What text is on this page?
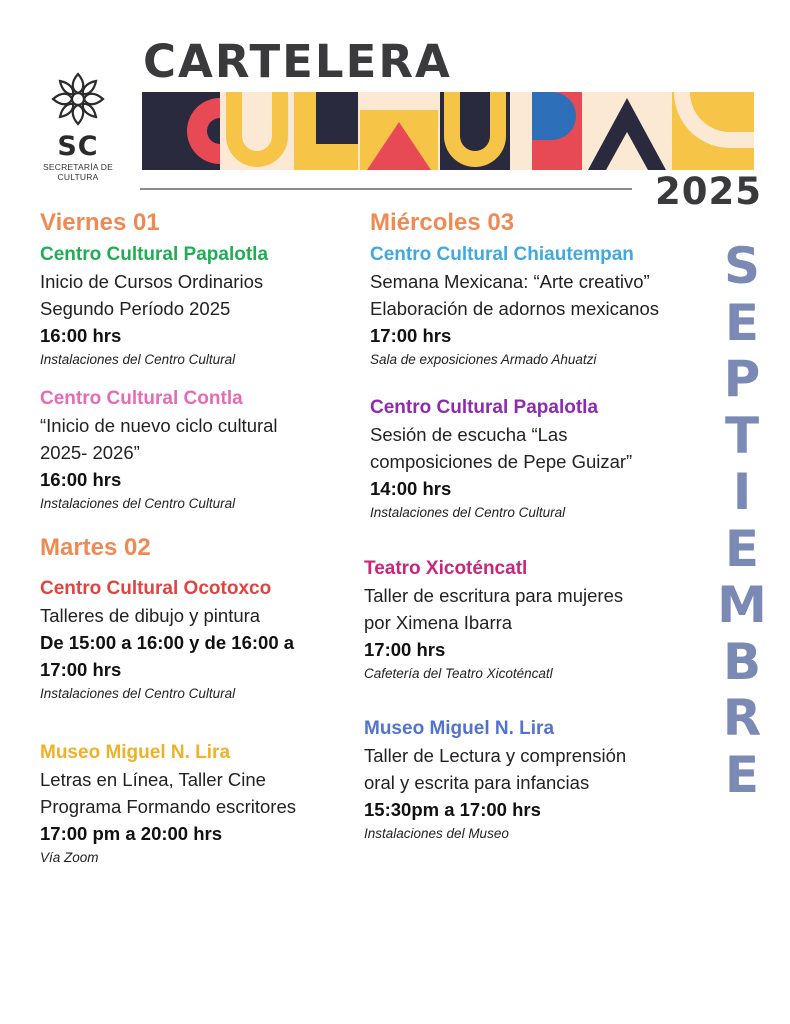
SC
SECRETARÍA DE
CULTURA
CARTELERA
2025
S
E
P
T
I
E
M
B
R
E
Viernes 01
Centro Cultural Papalotla
Inicio de Cursos Ordinarios
Segundo Período 2025
16:00 hrs
Instalaciones del Centro Cultural
Centro Cultural Contla
“Inicio de nuevo ciclo cultural
2025- 2026”
16:00 hrs
Instalaciones del Centro Cultural
Martes 02
Centro Cultural Ocotoxco
Talleres de dibujo y pintura
De 15:00 a 16:00 y de 16:00 a
17:00 hrs
Instalaciones del Centro Cultural
Museo Miguel N. Lira
Letras en Línea, Taller Cine
Programa Formando escritores
17:00 pm a 20:00 hrs
Vía Zoom
Miércoles 03
Centro Cultural Chiautempan
Semana Mexicana: “Arte creativo”
Elaboración de adornos mexicanos
17:00 hrs
Sala de exposiciones Armado Ahuatzi
Centro Cultural Papalotla
Sesión de escucha “Las
composiciones de Pepe Guizar”
14:00 hrs
Instalaciones del Centro Cultural
Teatro Xicoténcatl
Taller de escritura para mujeres
por Ximena Ibarra
17:00 hrs
Cafetería del Teatro Xicoténcatl
Museo Miguel N. Lira
Taller de Lectura y comprensión
oral y escrita para infancias
15:30pm a 17:00 hrs
Instalaciones del Museo
